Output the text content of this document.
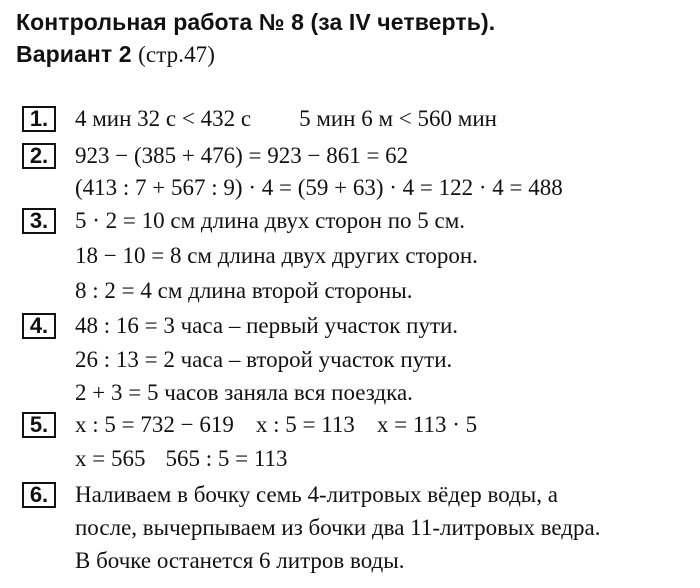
Контрольная работа № 8 (за IV четверть).
Вариант 2 (стр.47)
1.	4 мин 32 с < 432 с 5 мин 6 м < 560 мин
2.	923 − (385 + 476) = 923 − 861 = 62
(413 : 7 + 567 : 9) · 4 = (59 + 63) · 4 = 122 · 4 = 488
3.	5 · 2 = 10 см длина двух сторон по 5 см.
18 − 10 = 8 см длина двух других сторон.
8 : 2 = 4 см длина второй стороны.
4.	48 : 16 = 3 часа – первый участок пути.
26 : 13 = 2 часа – второй участок пути.
2 + 3 = 5 часов заняла вся поездка.
5.	x : 5 = 732 − 619 x : 5 = 113 x = 113 · 5
x = 565 565 : 5 = 113
6.	Наливаем в бочку семь 4-литровых вёдер воды, а
после, вычерпываем из бочки два 11-литровых ведра.
В бочке останется 6 литров воды.
